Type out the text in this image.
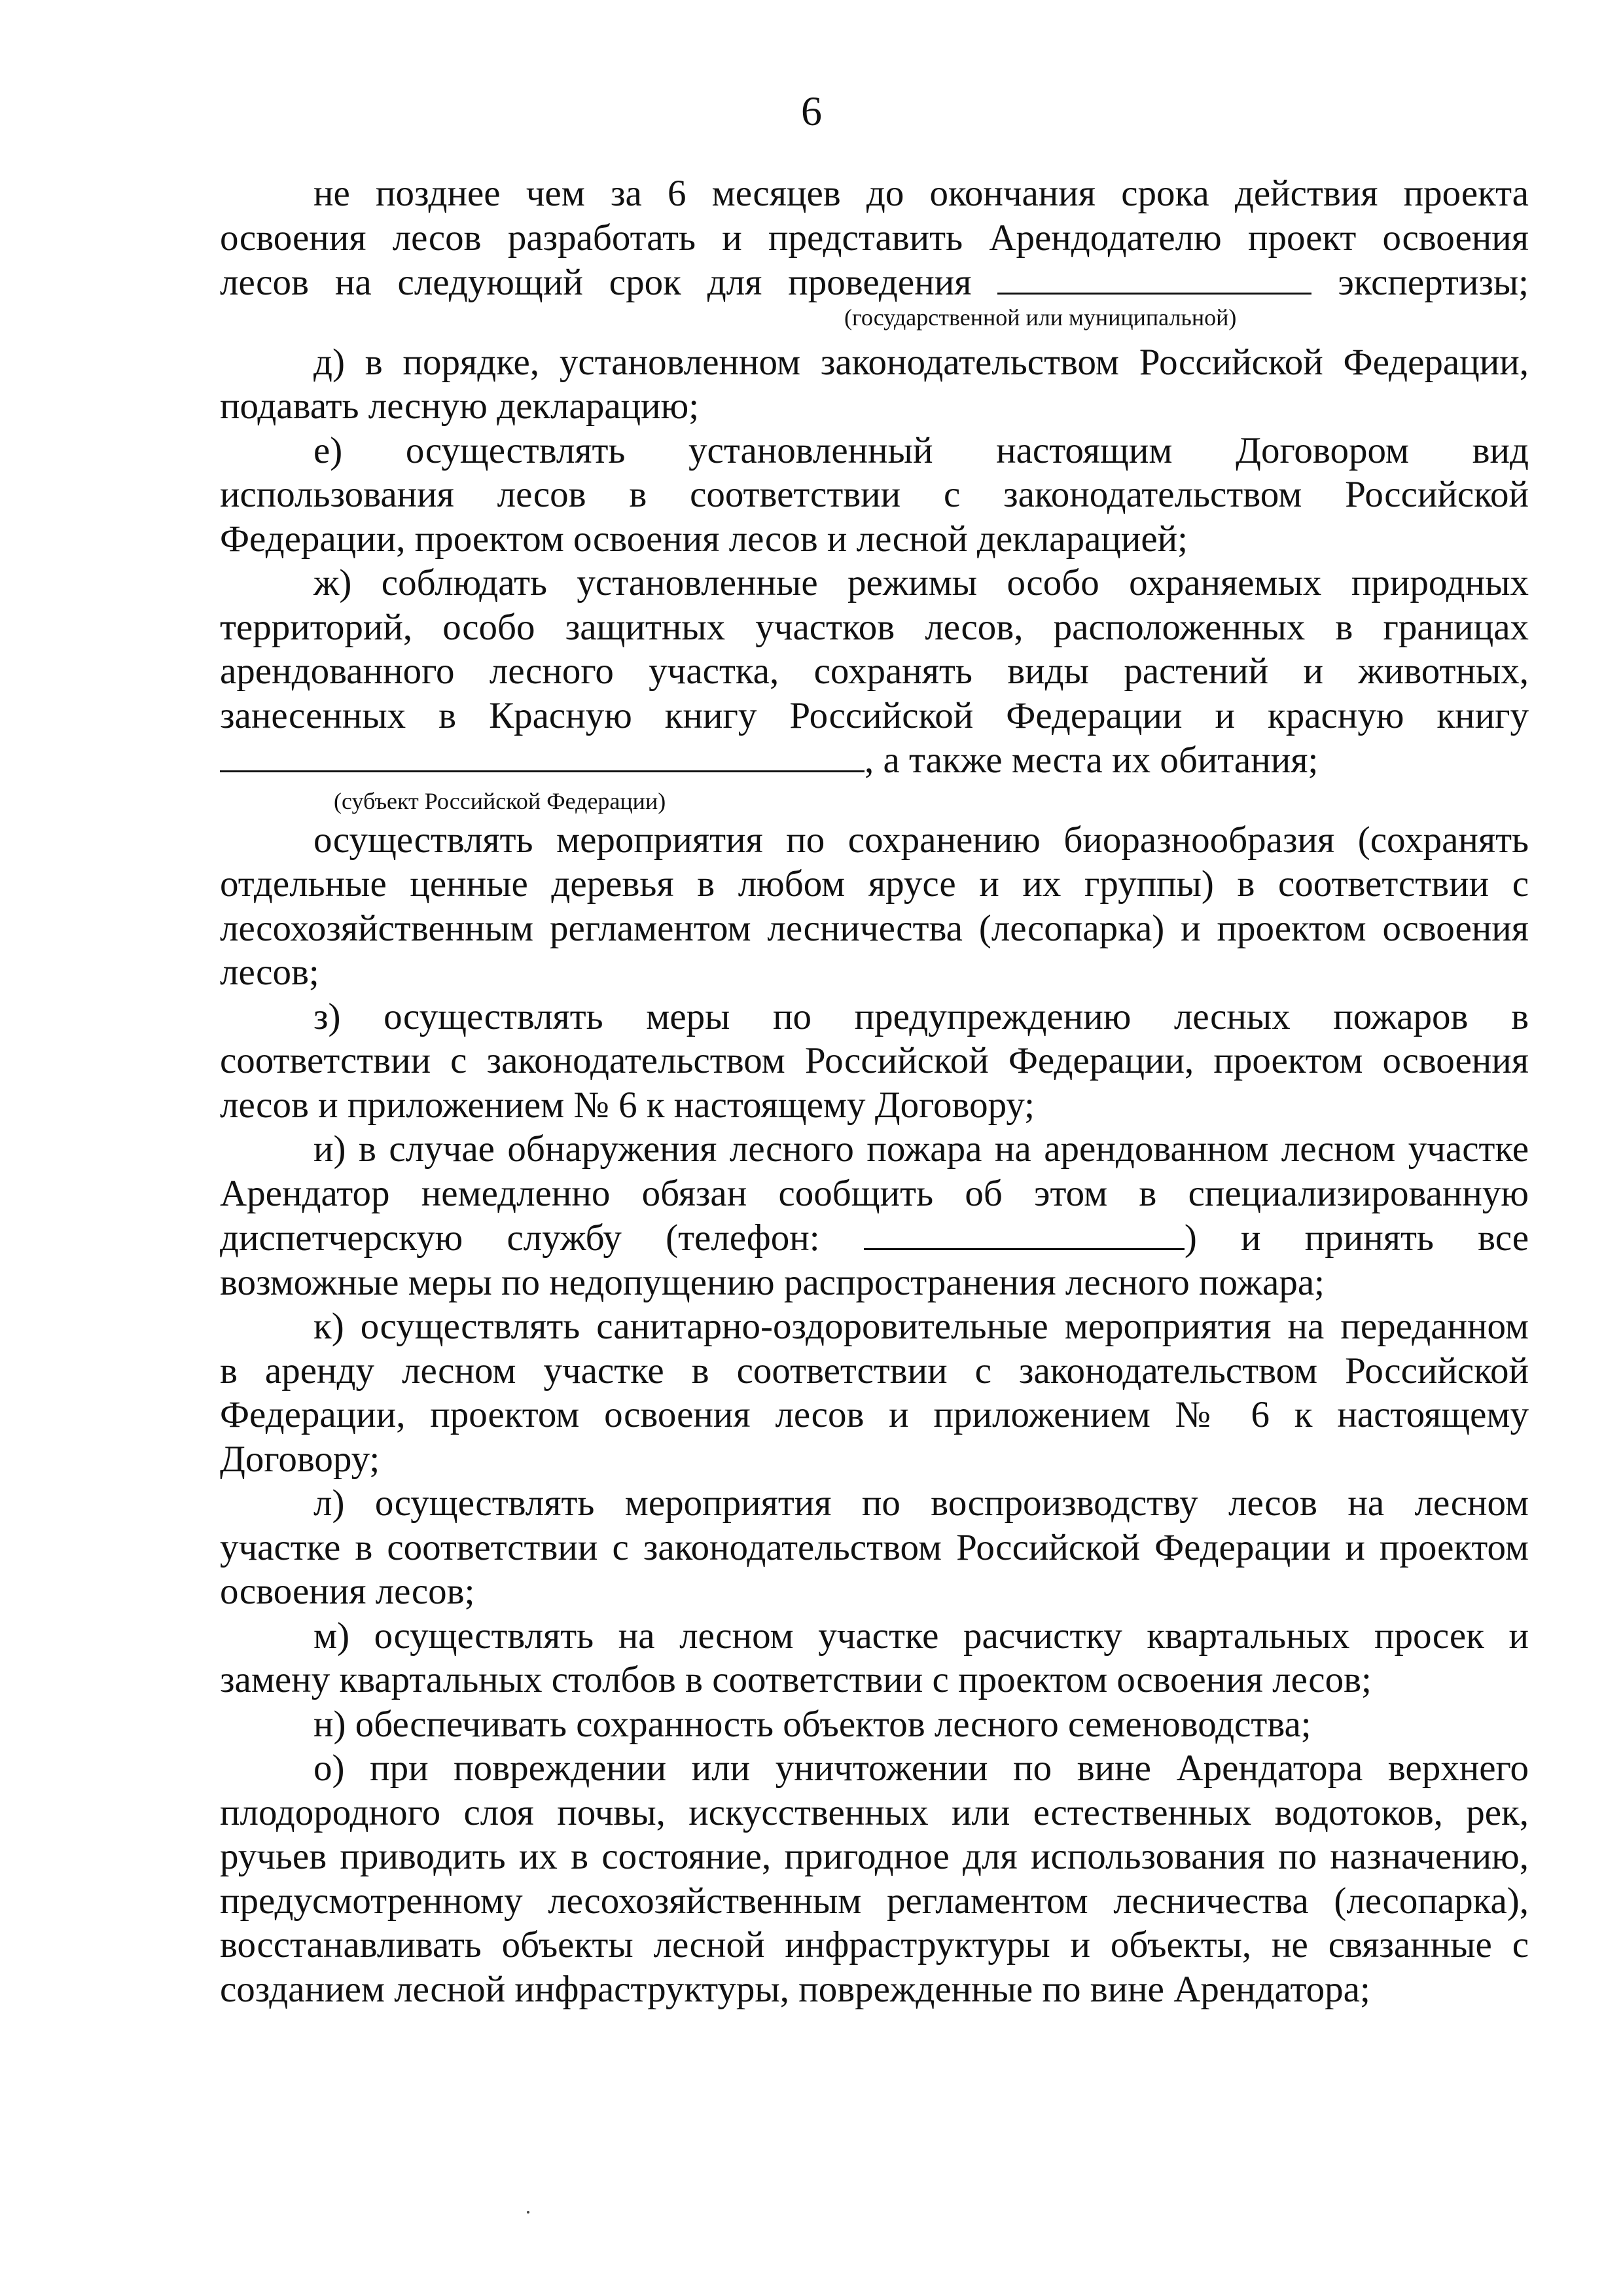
6
не позднее чем за 6 месяцев до окончания срока действия проекта
освоения лесов разработать и представить Арендодателю проект освоения
лесов на следующий срок для проведения	экспертизы;
д) в порядке, установленном законодательством Российской Федерации,
подавать лесную декларацию;
е) осуществлять установленный настоящим Договором вид
использования лесов в соответствии с законодательством Российской
Федерации, проектом освоения лесов и лесной декларацией;
ж) соблюдать установленные режимы особо охраняемых природных
территорий, особо защитных участков лесов, расположенных в границах
арендованного лесного участка, сохранять виды растений и животных,
занесенных в Красную книгу Российской Федерации и красную книгу
, а также места их обитания;
осуществлять мероприятия по сохранению биоразнообразия (сохранять
отдельные ценные деревья в любом ярусе и их группы) в соответствии с
лесохозяйственным регламентом лесничества (лесопарка) и проектом освоения
лесов;
з) осуществлять меры по предупреждению лесных пожаров в
соответствии с законодательством Российской Федерации, проектом освоения
лесов и приложением № 6 к настоящему Договору;
и) в случае обнаружения лесного пожара на арендованном лесном участке
Арендатор немедленно обязан сообщить об этом в специализированную
диспетчерскую службу (телефон:	) и принять все
возможные меры по недопущению распространения лесного пожара;
к) осуществлять санитарно-оздоровительные мероприятия на переданном
в аренду лесном участке в соответствии с законодательством Российской
Федерации, проектом освоения лесов и приложением № 6 к настоящему
Договору;
л) осуществлять мероприятия по воспроизводству лесов на лесном
участке в соответствии с законодательством Российской Федерации и проектом
освоения лесов;
м) осуществлять на лесном участке расчистку квартальных просек и
замену квартальных столбов в соответствии с проектом освоения лесов;
н) обеспечивать сохранность объектов лесного семеноводства;
о) при повреждении или уничтожении по вине Арендатора верхнего
плодородного слоя почвы, искусственных или естественных водотоков, рек,
ручьев приводить их в состояние, пригодное для использования по назначению,
предусмотренному лесохозяйственным регламентом лесничества (лесопарка),
восстанавливать объекты лесной инфраструктуры и объекты, не связанные с
созданием лесной инфраструктуры, поврежденные по вине Арендатора;
(государственной или муниципальной)
(субъект Российской Федерации)
